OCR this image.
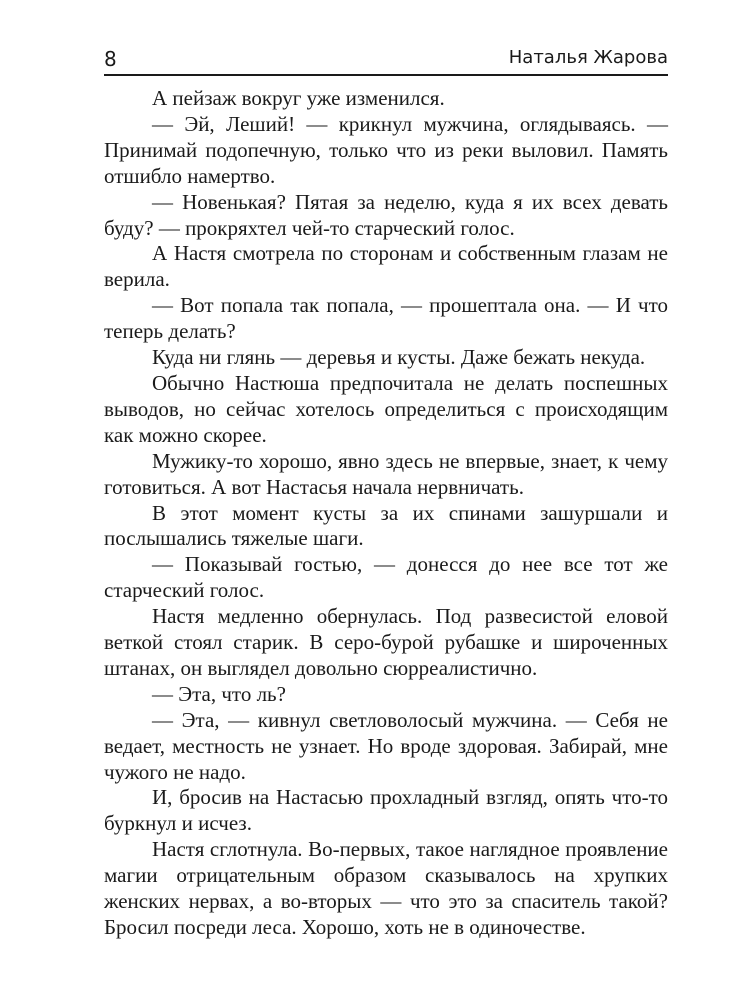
8	Наталья Жарова

А пейзаж вокруг уже изменился.

— Эй, Леший! — крикнул мужчина, оглядываясь. — Принимай подопечную, только что из реки выловил. Память отшибло намертво.

— Новенькая? Пятая за неделю, куда я их всех девать буду? — прокряхтел чей-то старческий голос.

А Настя смотрела по сторонам и собственным глазам не верила.

— Вот попала так попала, — прошептала она. — И что теперь делать?

Куда ни глянь — деревья и кусты. Даже бежать некуда.

Обычно Настюша предпочитала не делать поспешных выводов, но сейчас хотелось определиться с происходящим как можно скорее.

Мужику-то хорошо, явно здесь не впервые, знает, к чему готовиться. А вот Настасья начала нервничать.

В этот момент кусты за их спинами зашуршали и послышались тяжелые шаги.

— Показывай гостью, — донесся до нее все тот же старческий голос.

Настя медленно обернулась. Под развесистой еловой веткой стоял старик. В серо-бурой рубашке и широченных штанах, он выглядел довольно сюрреалистично.

— Эта, что ль?

— Эта, — кивнул светловолосый мужчина. — Себя не ведает, местность не узнает. Но вроде здоровая. Забирай, мне чужого не надо.

И, бросив на Настасью прохладный взгляд, опять что-то буркнул и исчез.

Настя сглотнула. Во-первых, такое наглядное проявление магии отрицательным образом сказывалось на хрупких женских нервах, а во-вторых — что это за спаситель такой? Бросил посреди леса. Хорошо, хоть не в одиночестве.
